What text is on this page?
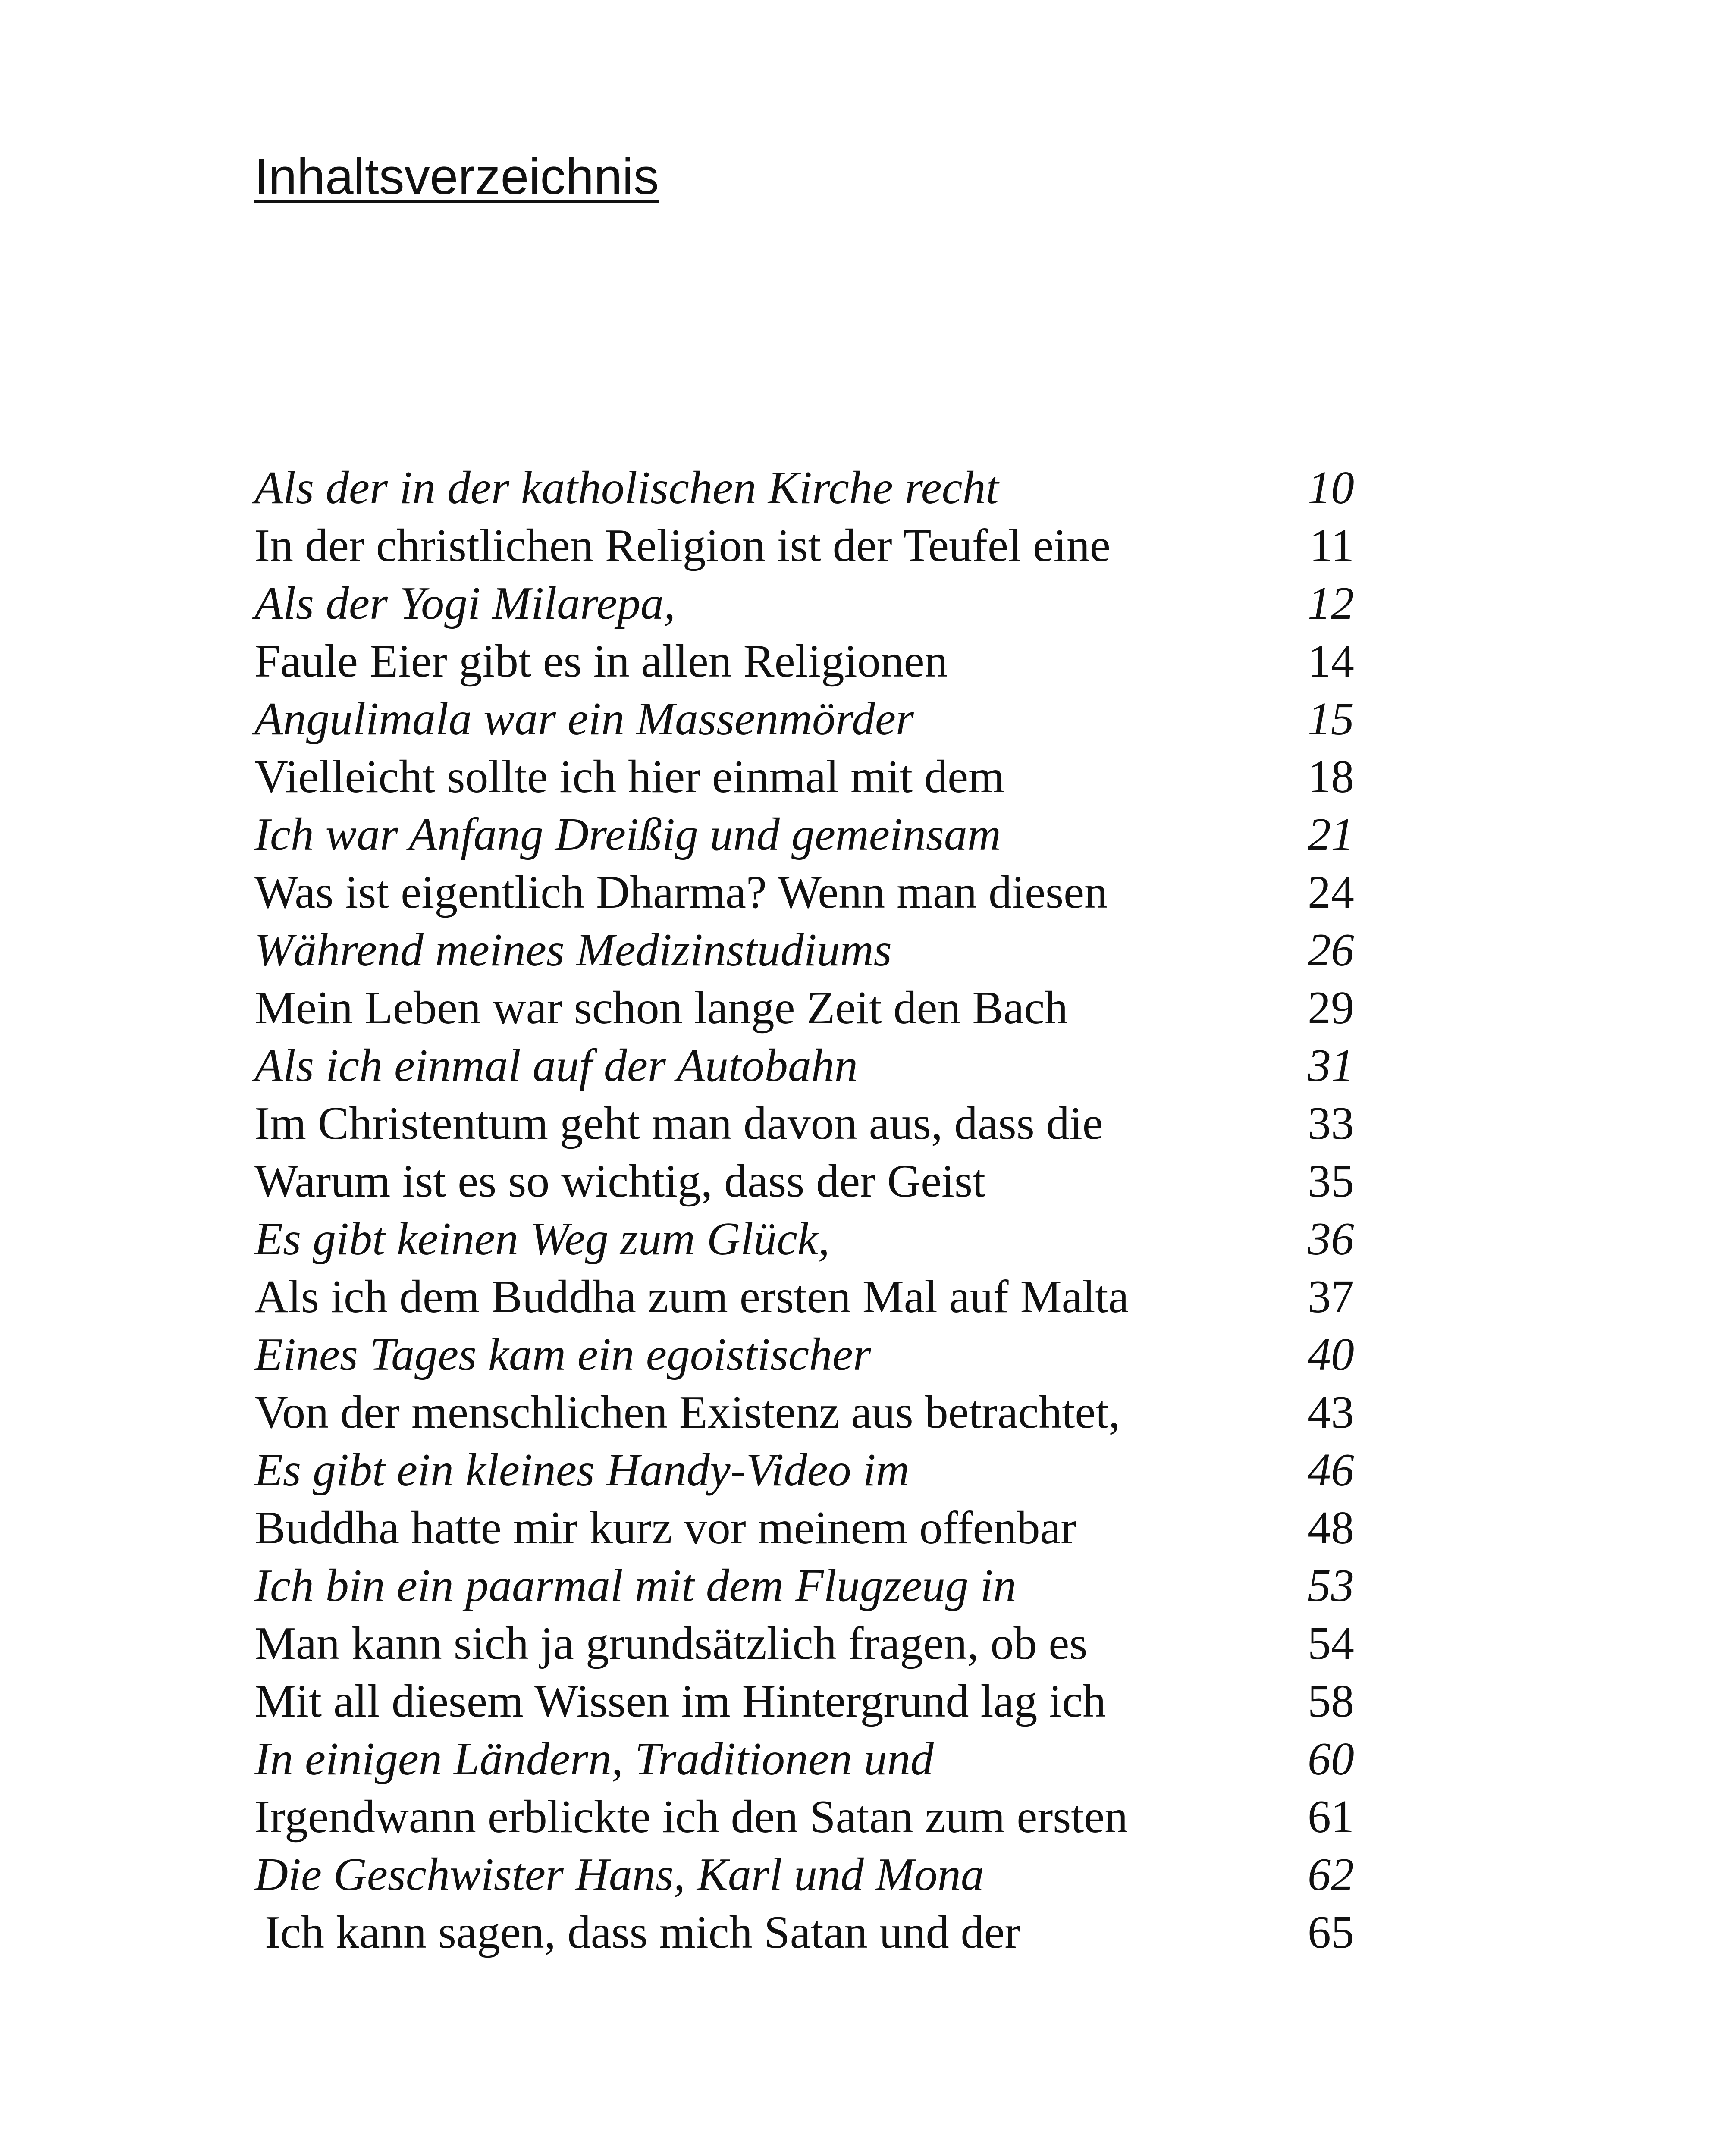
Inhaltsverzeichnis
Als der in der katholischen Kirche recht	10
In der christlichen Religion ist der Teufel eine	11
Als der Yogi Milarepa,	12
Faule Eier gibt es in allen Religionen	14
Angulimala war ein Massenmörder	15
Vielleicht sollte ich hier einmal mit dem	18
Ich war Anfang Dreißig und gemeinsam	21
Was ist eigentlich Dharma? Wenn man diesen	24
Während meines Medizinstudiums	26
Mein Leben war schon lange Zeit den Bach	29
Als ich einmal auf der Autobahn	31
Im Christentum geht man davon aus, dass die	33
Warum ist es so wichtig, dass der Geist	35
Es gibt keinen Weg zum Glück,	36
Als ich dem Buddha zum ersten Mal auf Malta	37
Eines Tages kam ein egoistischer	40
Von der menschlichen Existenz aus betrachtet,	43
Es gibt ein kleines Handy-Video im	46
Buddha hatte mir kurz vor meinem offenbar	48
Ich bin ein paarmal mit dem Flugzeug in	53
Man kann sich ja grundsätzlich fragen, ob es	54
Mit all diesem Wissen im Hintergrund lag ich	58
In einigen Ländern, Traditionen und	60
Irgendwann erblickte ich den Satan zum ersten	61
Die Geschwister Hans, Karl und Mona	62
Ich kann sagen, dass mich Satan und der	65
